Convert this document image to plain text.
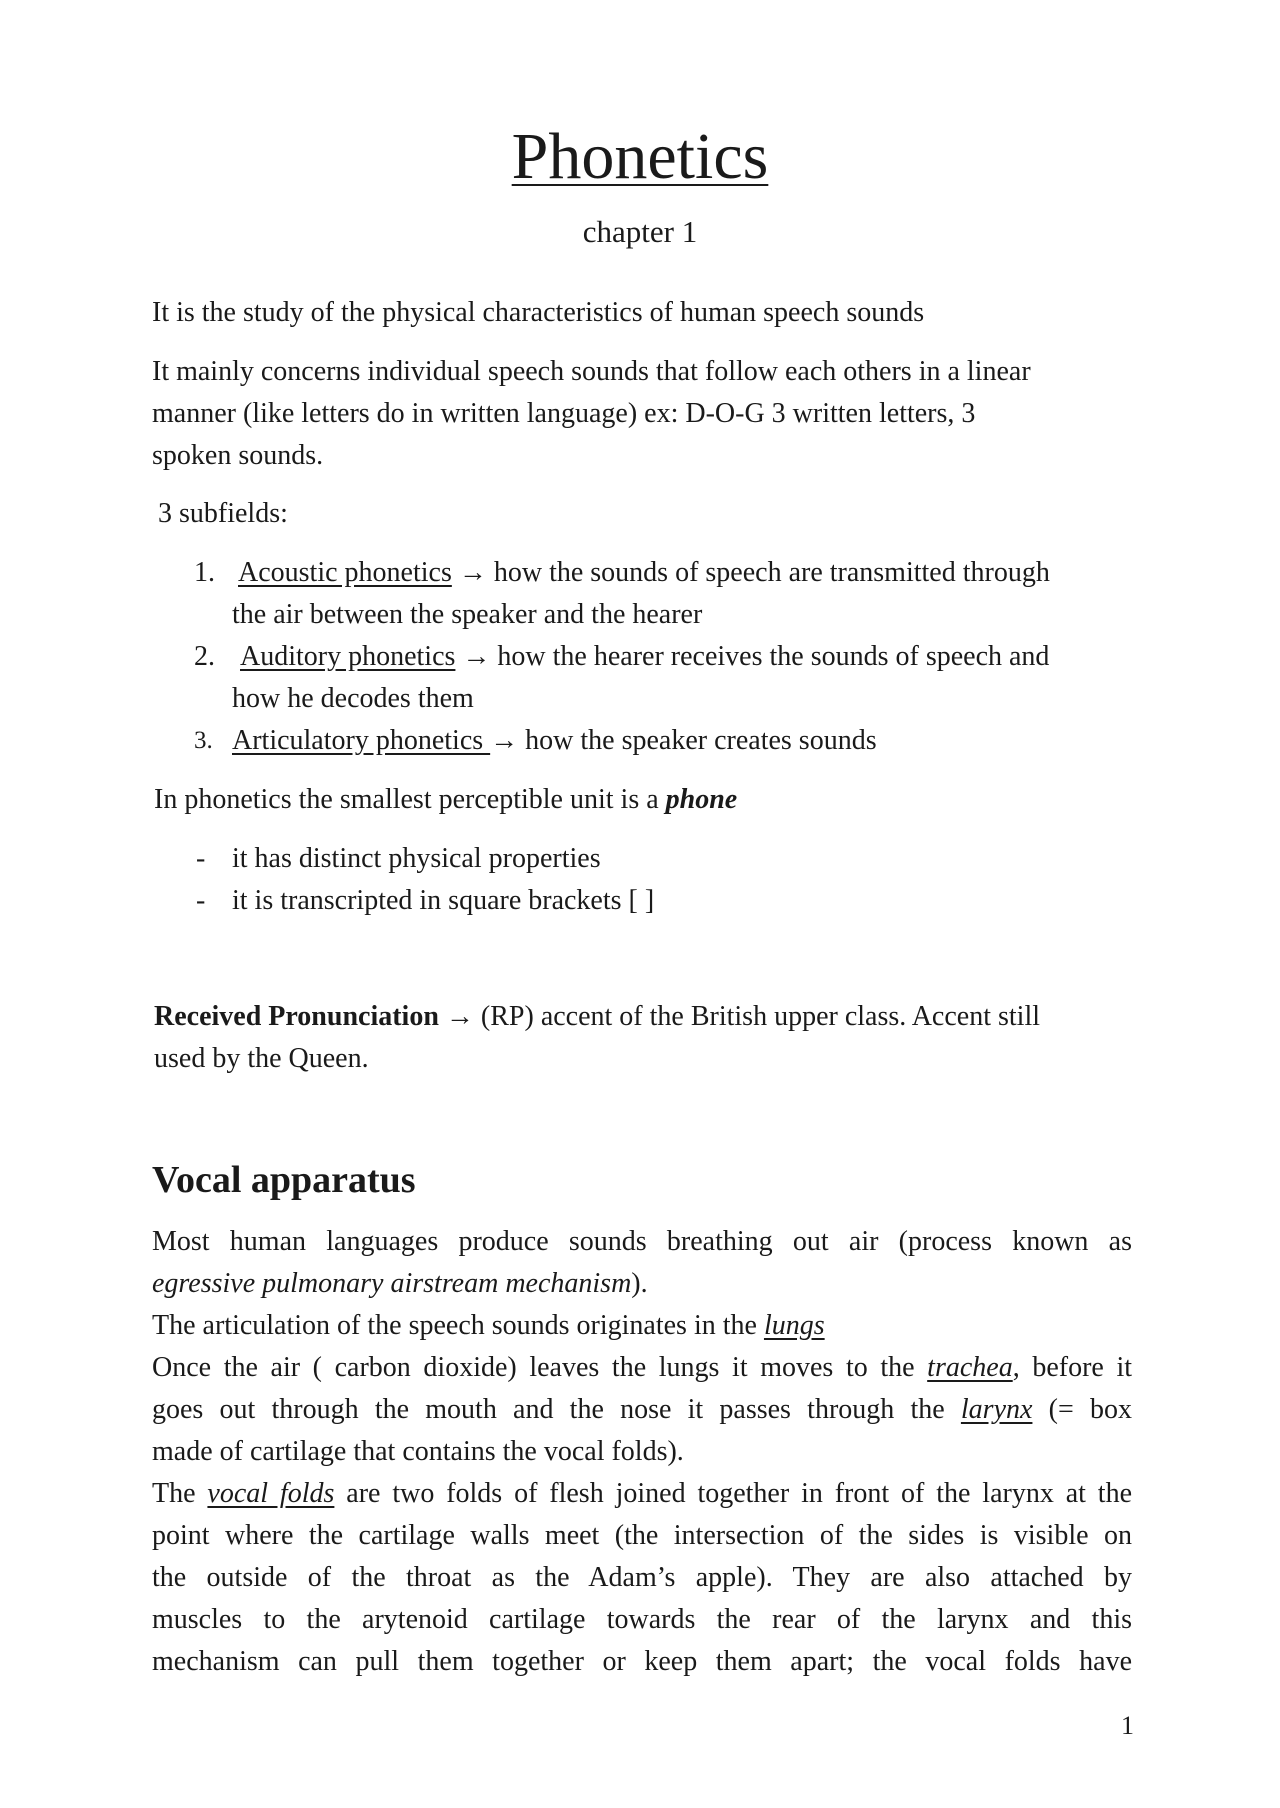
Phonetics
chapter 1

It is the study of the physical characteristics of human speech sounds

It mainly concerns individual speech sounds that follow each others in a linear

manner (like letters do in written language) ex: D-O-G 3 written letters, 3

spoken sounds.

3 subfields:

1. Acoustic phonetics → how the sounds of speech are transmitted through
the air between the speaker and the hearer
2. Auditory phonetics → how the hearer receives the sounds of speech and
how he decodes them
3. Articulatory phonetics → how the speaker creates sounds

In phonetics the smallest perceptible unit is a phone

- it has distinct physical properties
- it is transcripted in square brackets [ ]

Received Pronunciation → (RP) accent of the British upper class. Accent still

used by the Queen.

Vocal apparatus

Most human languages produce sounds breathing out air (process known as

egressive pulmonary airstream mechanism).

The articulation of the speech sounds originates in the lungs

Once the air ( carbon dioxide) leaves the lungs it moves to the trachea, before it

goes out through the mouth and the nose it passes through the larynx (= box

made of cartilage that contains the vocal folds).

The vocal folds are two folds of flesh joined together in front of the larynx at the

point where the cartilage walls meet (the intersection of the sides is visible on

the outside of the throat as the Adam’s apple). They are also attached by

muscles to the arytenoid cartilage towards the rear of the larynx and this

mechanism can pull them together or keep them apart; the vocal folds have

1
